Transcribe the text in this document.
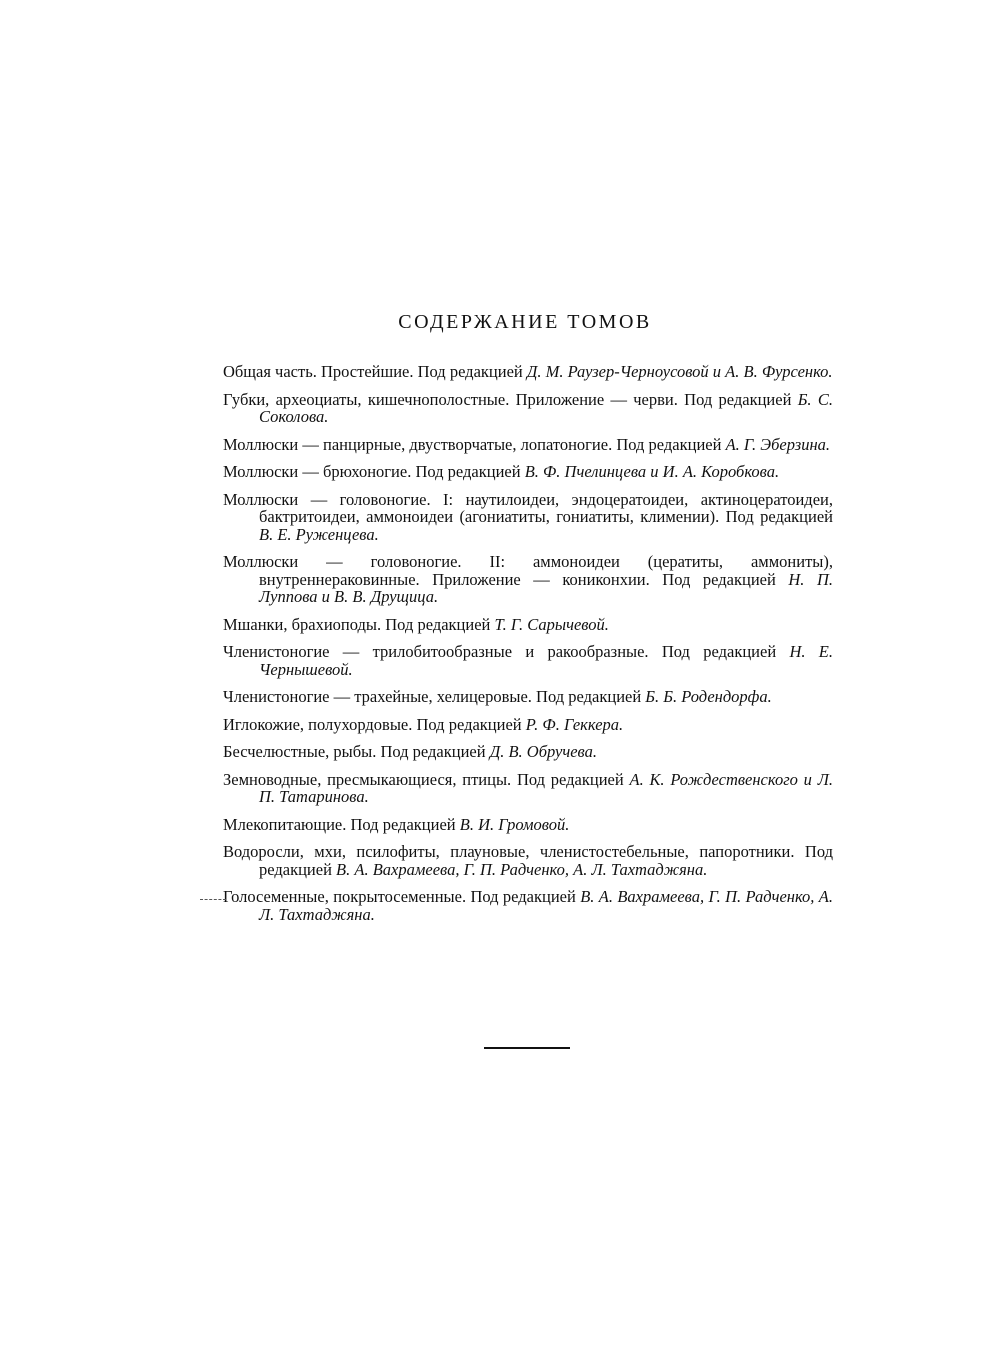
СОДЕРЖАНИЕ ТОМОВ
Общая часть. Простейшие. Под редакцией Д. М. Раузер-Черноусовой и А. В. Фурсенко.
Губки, археоциаты, кишечнополостные. Приложение — черви. Под редакцией Б. С. Соколова.
Моллюски — панцирные, двустворчатые, лопатоногие. Под редакцией А. Г. Эберзина.
Моллюски — брюхоногие. Под редакцией В. Ф. Пчелинцева и И. А. Коробкова.
Моллюски — головоногие. I: наутилоидеи, эндоцератоидеи, актиноцератоидеи, бактритоидеи, аммоноидеи (агониатиты, гониатиты, климении). Под редакцией В. Е. Руженцева.
Моллюски — головоногие. II: аммоноидеи (цератиты, аммониты), внутреннераковинные. Приложение — кониконхии. Под редакцией Н. П. Луппова и В. В. Друщица.
Мшанки, брахиоподы. Под редакцией Т. Г. Сарычевой.
Членистоногие — трилобитообразные и ракообразные. Под редакцией Н. Е. Чернышевой.
Членистоногие — трахейные, хелицеровые. Под редакцией Б. Б. Родендорфа.
Иглокожие, полухордовые. Под редакцией Р. Ф. Геккера.
Бесчелюстные, рыбы. Под редакцией Д. В. Обручева.
Земноводные, пресмыкающиеся, птицы. Под редакцией А. К. Рождественского и Л. П. Татаринова.
Млекопитающие. Под редакцией В. И. Громовой.
Водоросли, мхи, псилофиты, плауновые, членистостебельные, папоротники. Под редакцией В. А. Вахрамеева, Г. П. Радченко, А. Л. Тахтаджяна.
Голосеменные, покрытосеменные. Под редакцией В. А. Вахрамеева, Г. П. Радченко, А. Л. Тахтаджяна.
